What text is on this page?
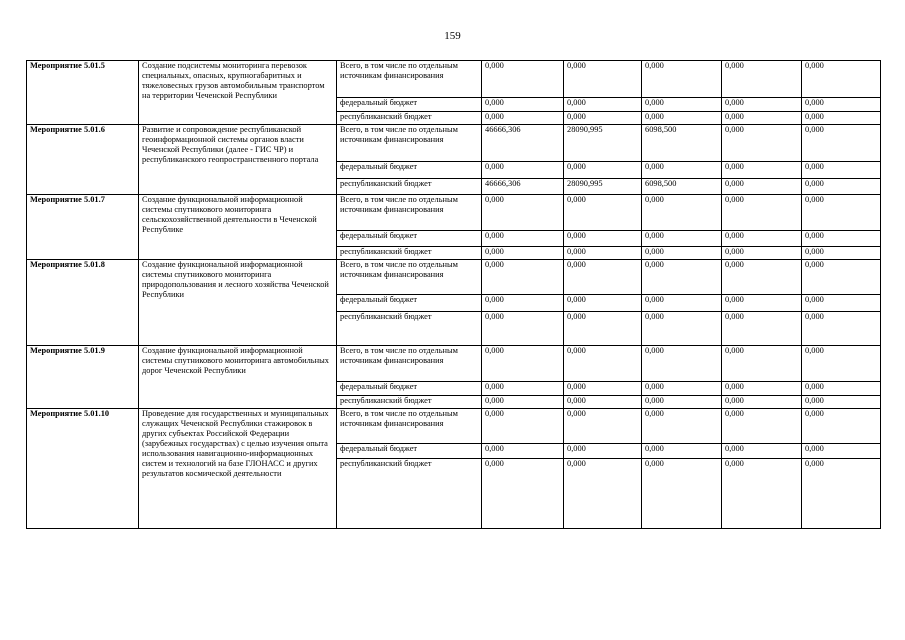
159
Мероприятие 5.01.5	Создание подсистемы мониторинга перевозок специальных, опасных, крупногабаритных и тяжеловесных грузов автомобильным транспортом на территории Чеченской Республики	Всего, в том числе по отдельным источникам финансирования	0,000	0,000	0,000	0,000	0,000
		федеральный бюджет	0,000	0,000	0,000	0,000	0,000
		республиканский бюджет	0,000	0,000	0,000	0,000	0,000
Мероприятие 5.01.6	Развитие и сопровождение республиканской геоинформационной системы органов власти Чеченской Республики (далее - ГИС ЧР) и республиканского геопространственного портала	Всего, в том числе по отдельным источникам финансирования	46666,306	28090,995	6098,500	0,000	0,000
		федеральный бюджет	0,000	0,000	0,000	0,000	0,000
		республиканский бюджет	46666,306	28090,995	6098,500	0,000	0,000
Мероприятие 5.01.7	Создание функциональной информационной системы спутникового мониторинга сельскохозяйственной деятельности в Чеченской Республике	Всего, в том числе по отдельным источникам финансирования	0,000	0,000	0,000	0,000	0,000
		федеральный бюджет	0,000	0,000	0,000	0,000	0,000
		республиканский бюджет	0,000	0,000	0,000	0,000	0,000
Мероприятие 5.01.8	Создание функциональной информационной системы спутникового мониторинга природопользования и лесного хозяйства Чеченской Республики	Всего, в том числе по отдельным источникам финансирования	0,000	0,000	0,000	0,000	0,000
		федеральный бюджет	0,000	0,000	0,000	0,000	0,000
		республиканский бюджет	0,000	0,000	0,000	0,000	0,000
Мероприятие 5.01.9	Создание функциональной информационной системы спутникового мониторинга автомобильных дорог Чеченской Республики	Всего, в том числе по отдельным источникам финансирования	0,000	0,000	0,000	0,000	0,000
		федеральный бюджет	0,000	0,000	0,000	0,000	0,000
		республиканский бюджет	0,000	0,000	0,000	0,000	0,000
Мероприятие 5.01.10	Проведение для государственных и муниципальных служащих Чеченской Республики стажировок в других субъектах Российской Федерации (зарубежных государствах) с целью изучения опыта использования навигационно-информационных систем и технологий на базе ГЛОНАСС и других результатов космической деятельности	Всего, в том числе по отдельным источникам финансирования	0,000	0,000	0,000	0,000	0,000
		федеральный бюджет	0,000	0,000	0,000	0,000	0,000
		республиканский бюджет	0,000	0,000	0,000	0,000	0,000
